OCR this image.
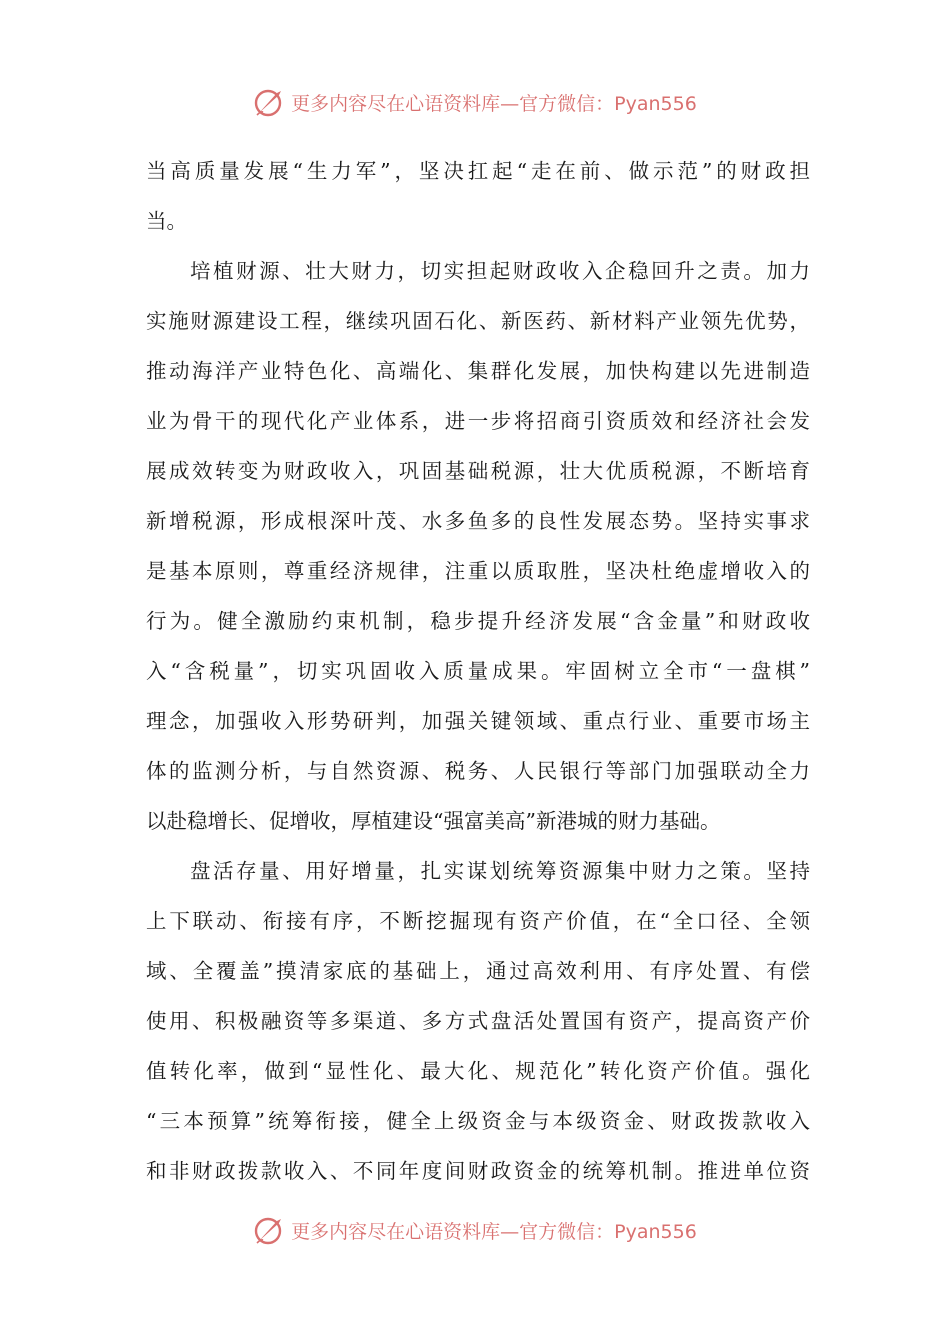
更多内容尽在心语资料库—官方微信：Pyan556
当高质量发展“生力军”，坚决扛起“走在前、做示范”的财政担
当。
培植财源、壮大财力，切实担起财政收入企稳回升之责。加力
实施财源建设工程，继续巩固石化、新医药、新材料产业领先优势，
推动海洋产业特色化、高端化、集群化发展，加快构建以先进制造
业为骨干的现代化产业体系，进一步将招商引资质效和经济社会发
展成效转变为财政收入，巩固基础税源，壮大优质税源，不断培育
新增税源，形成根深叶茂、水多鱼多的良性发展态势。坚持实事求
是基本原则，尊重经济规律，注重以质取胜，坚决杜绝虚增收入的
行为。健全激励约束机制，稳步提升经济发展“含金量”和财政收
入“含税量”，切实巩固收入质量成果。牢固树立全市“一盘棋”
理念，加强收入形势研判，加强关键领域、重点行业、重要市场主
体的监测分析，与自然资源、税务、人民银行等部门加强联动全力
以赴稳增长、促增收，厚植建设“强富美高”新港城的财力基础。
盘活存量、用好增量，扎实谋划统筹资源集中财力之策。坚持
上下联动、衔接有序，不断挖掘现有资产价值，在“全口径、全领
域、全覆盖”摸清家底的基础上，通过高效利用、有序处置、有偿
使用、积极融资等多渠道、多方式盘活处置国有资产，提高资产价
值转化率，做到“显性化、最大化、规范化”转化资产价值。强化
“三本预算”统筹衔接，健全上级资金与本级资金、财政拨款收入
和非财政拨款收入、不同年度间财政资金的统筹机制。推进单位资
更多内容尽在心语资料库—官方微信：Pyan556
